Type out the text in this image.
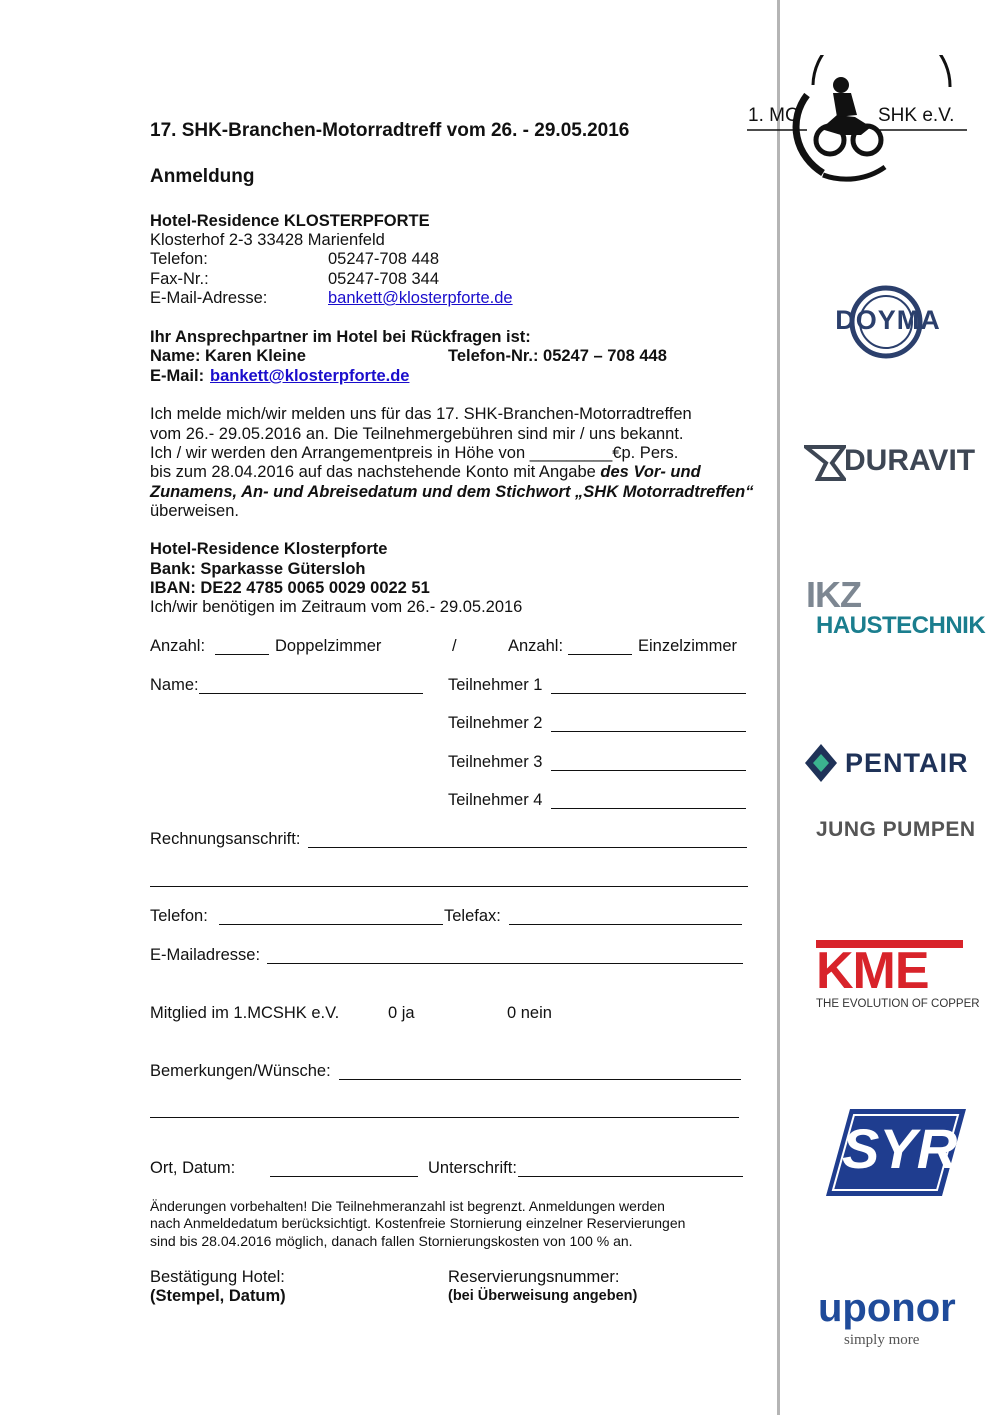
17. SHK-Branchen-Motorradtreff vom 26. - 29.05.2016
Anmeldung
Hotel-Residence KLOSTERPFORTE
Klosterhof 2-3 33428 Marienfeld
Telefon:	05247-708 448
Fax-Nr.:	05247-708 344
E-Mail-Adresse:	bankett@klosterpforte.de
Ihr Ansprechpartner im Hotel bei Rückfragen ist:
Name: Karen Kleine	Telefon-Nr.: 05247 – 708 448
E-Mail: bankett@klosterpforte.de
Ich melde mich/wir melden uns für das 17. SHK-Branchen-Motorradtreffen
vom 26.- 29.05.2016 an. Die Teilnehmergebühren sind mir / uns bekannt.
Ich / wir werden den Arrangementpreis in Höhe von _________€p. Pers.
bis zum 28.04.2016 auf das nachstehende Konto mit Angabe des Vor- und
Zunamens, An- und Abreisedatum und dem Stichwort „SHK Motorradtreffen“
überweisen.
Hotel-Residence Klosterpforte
Bank: Sparkasse Gütersloh
IBAN: DE22 4785 0065 0029 0022 51
Ich/wir benötigen im Zeitraum vom 26.- 29.05.2016
Anzahl:	Doppelzimmer	/	Anzahl:	Einzelzimmer
Name:	Teilnehmer 1
Teilnehmer 2
Teilnehmer 3
Teilnehmer 4
Rechnungsanschrift:
Telefon:	Telefax:
E-Mailadresse:
Mitglied im 1.MCSHK e.V.	0 ja	0 nein
Bemerkungen/Wünsche:
Ort, Datum:	Unterschrift:
Änderungen vorbehalten! Die Teilnehmeranzahl ist begrenzt. Anmeldungen werden
nach Anmeldedatum berücksichtigt. Kostenfreie Stornierung einzelner Reservierungen
sind bis 28.04.2016 möglich, danach fallen Stornierungskosten von 100 % an.
Bestätigung Hotel:
(Stempel, Datum)
Reservierungsnummer:
(bei Überweisung angeben)
1. MC	SHK e.V.
DOYMA
DURAVIT
IKZ
HAUSTECHNIK
PENTAIR
JUNG PUMPEN
KME
THE EVOLUTION OF COPPER
SYR
uponor
simply more
